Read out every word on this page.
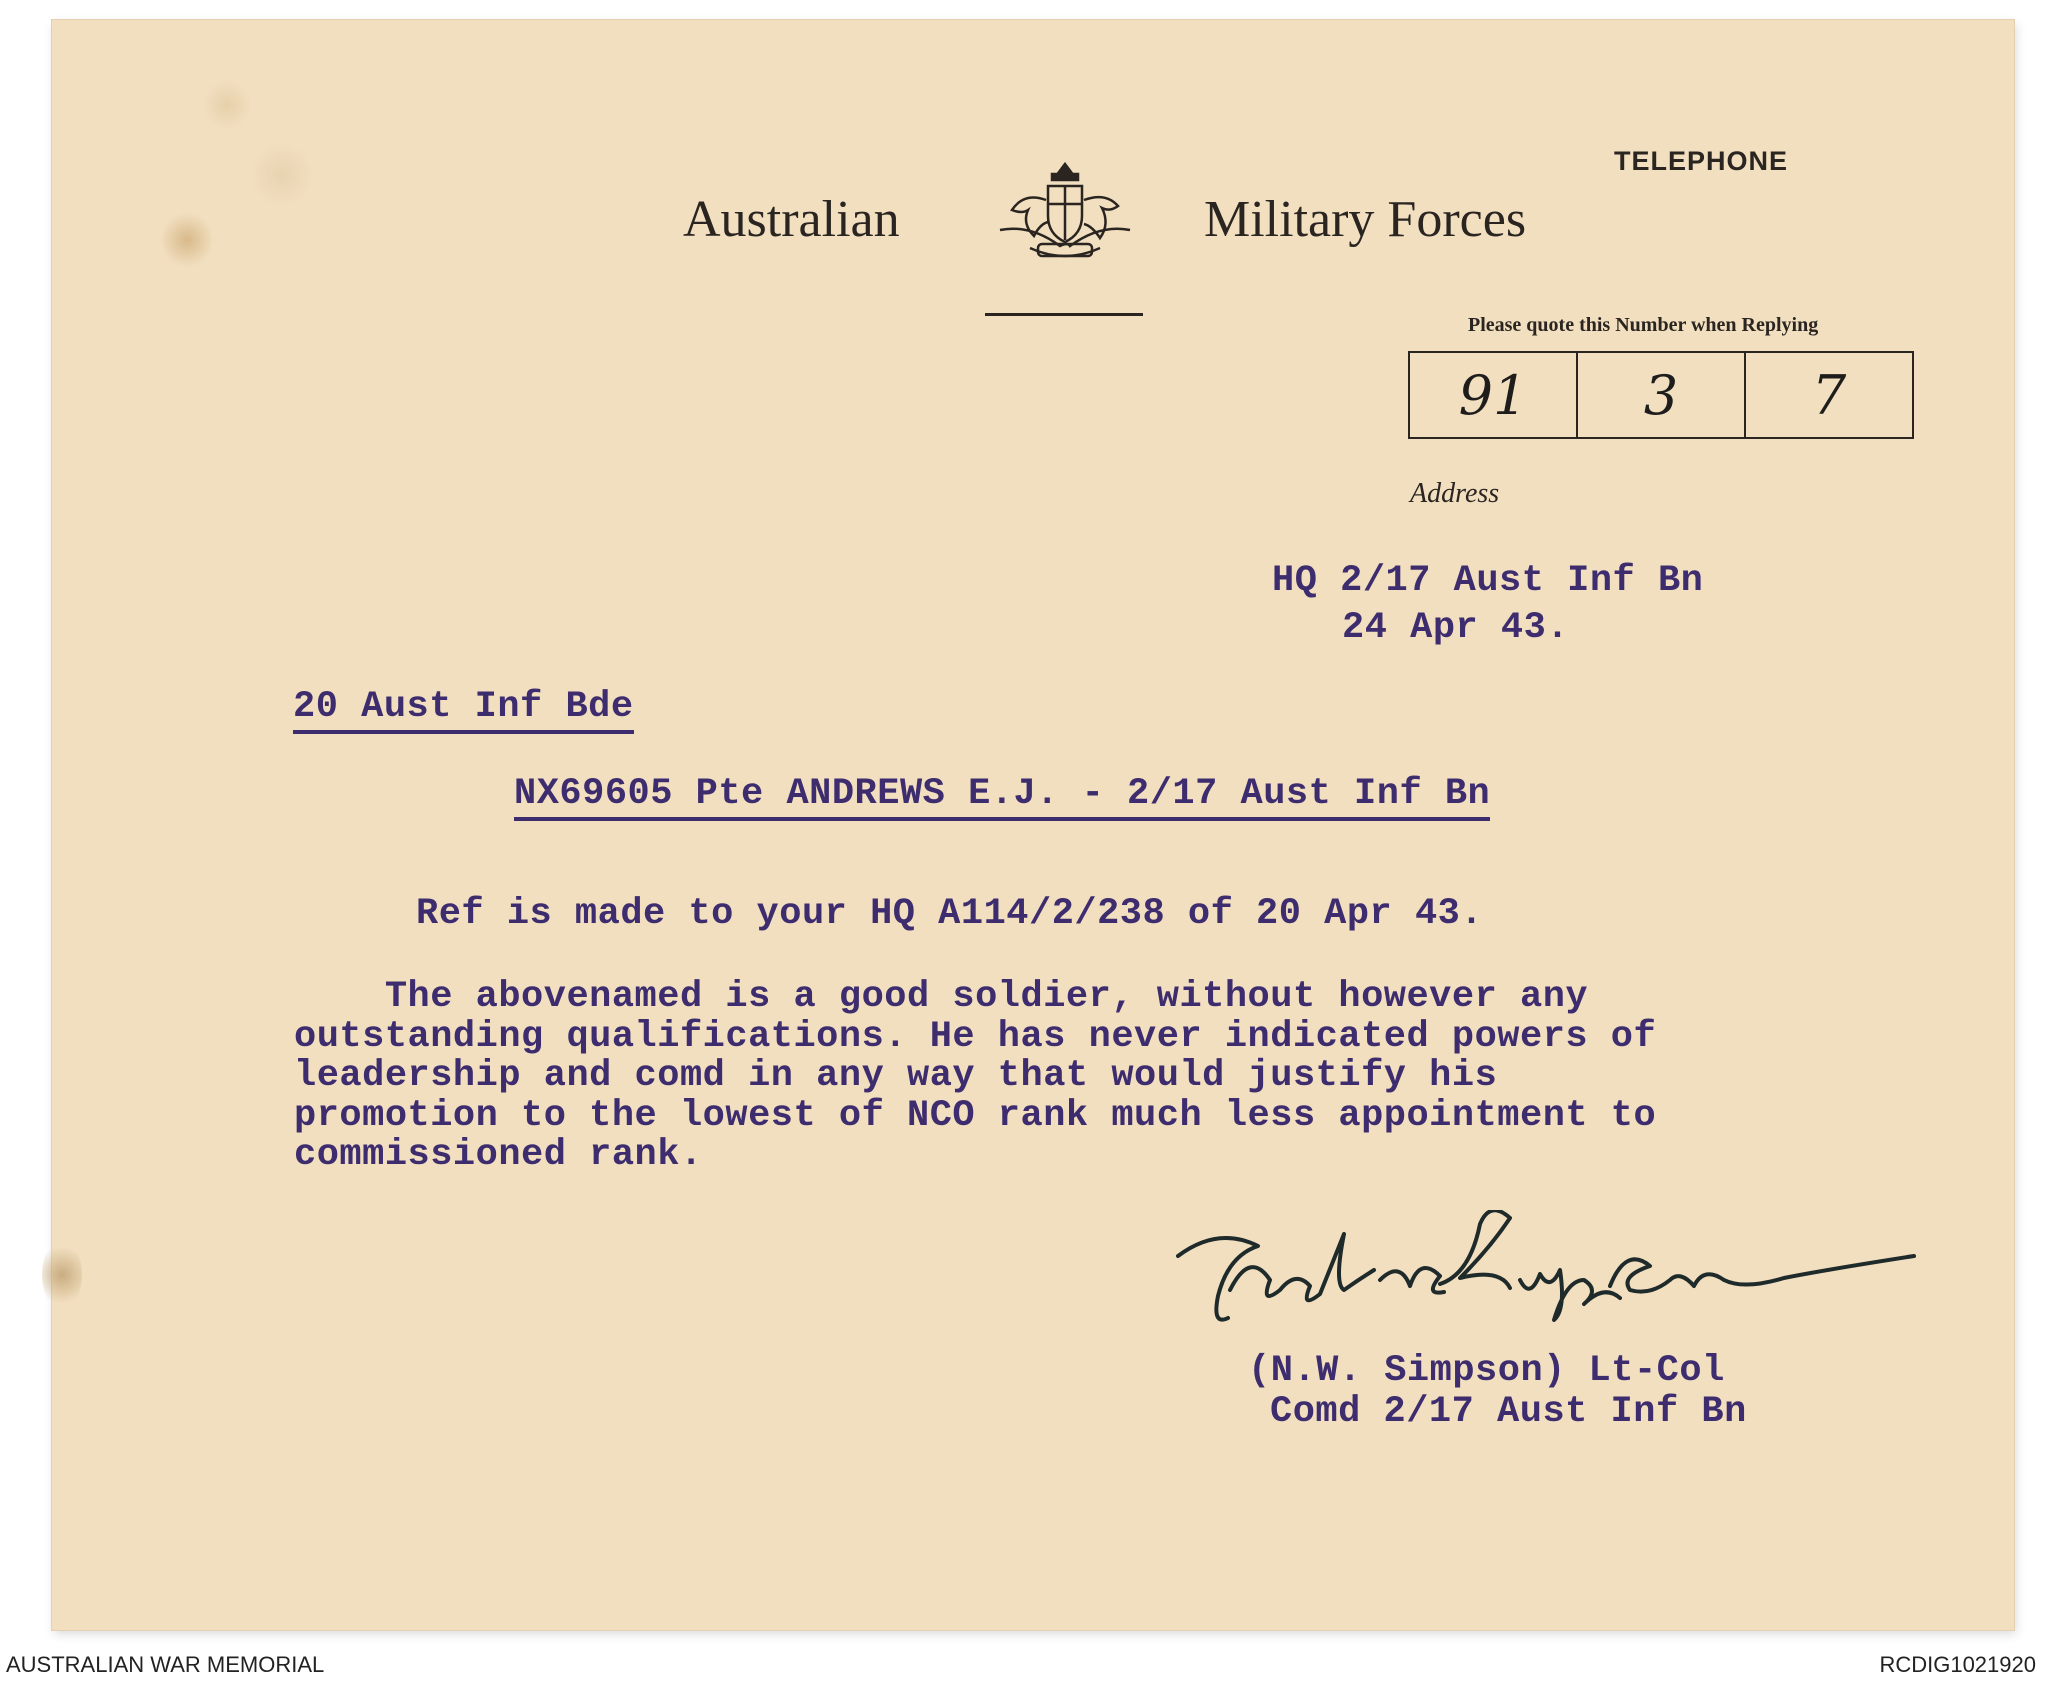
Australian	Military Forces
TELEPHONE
Please quote this Number when Replying
91	3	7
Address
HQ 2/17 Aust Inf Bn
24 Apr 43.
20 Aust Inf Bde
NX69605 Pte ANDREWS E.J. - 2/17 Aust Inf Bn
Ref is made to your HQ A114/2/238 of 20 Apr 43.
The abovenamed is a good soldier, without however any
outstanding qualifications. He has never indicated powers of
leadership and comd in any way that would justify his
promotion to the lowest of NCO rank much less appointment to
commissioned rank.
(N.W. Simpson) Lt-Col
Comd 2/17 Aust Inf Bn
AUSTRALIAN WAR MEMORIAL	RCDIG1021920
